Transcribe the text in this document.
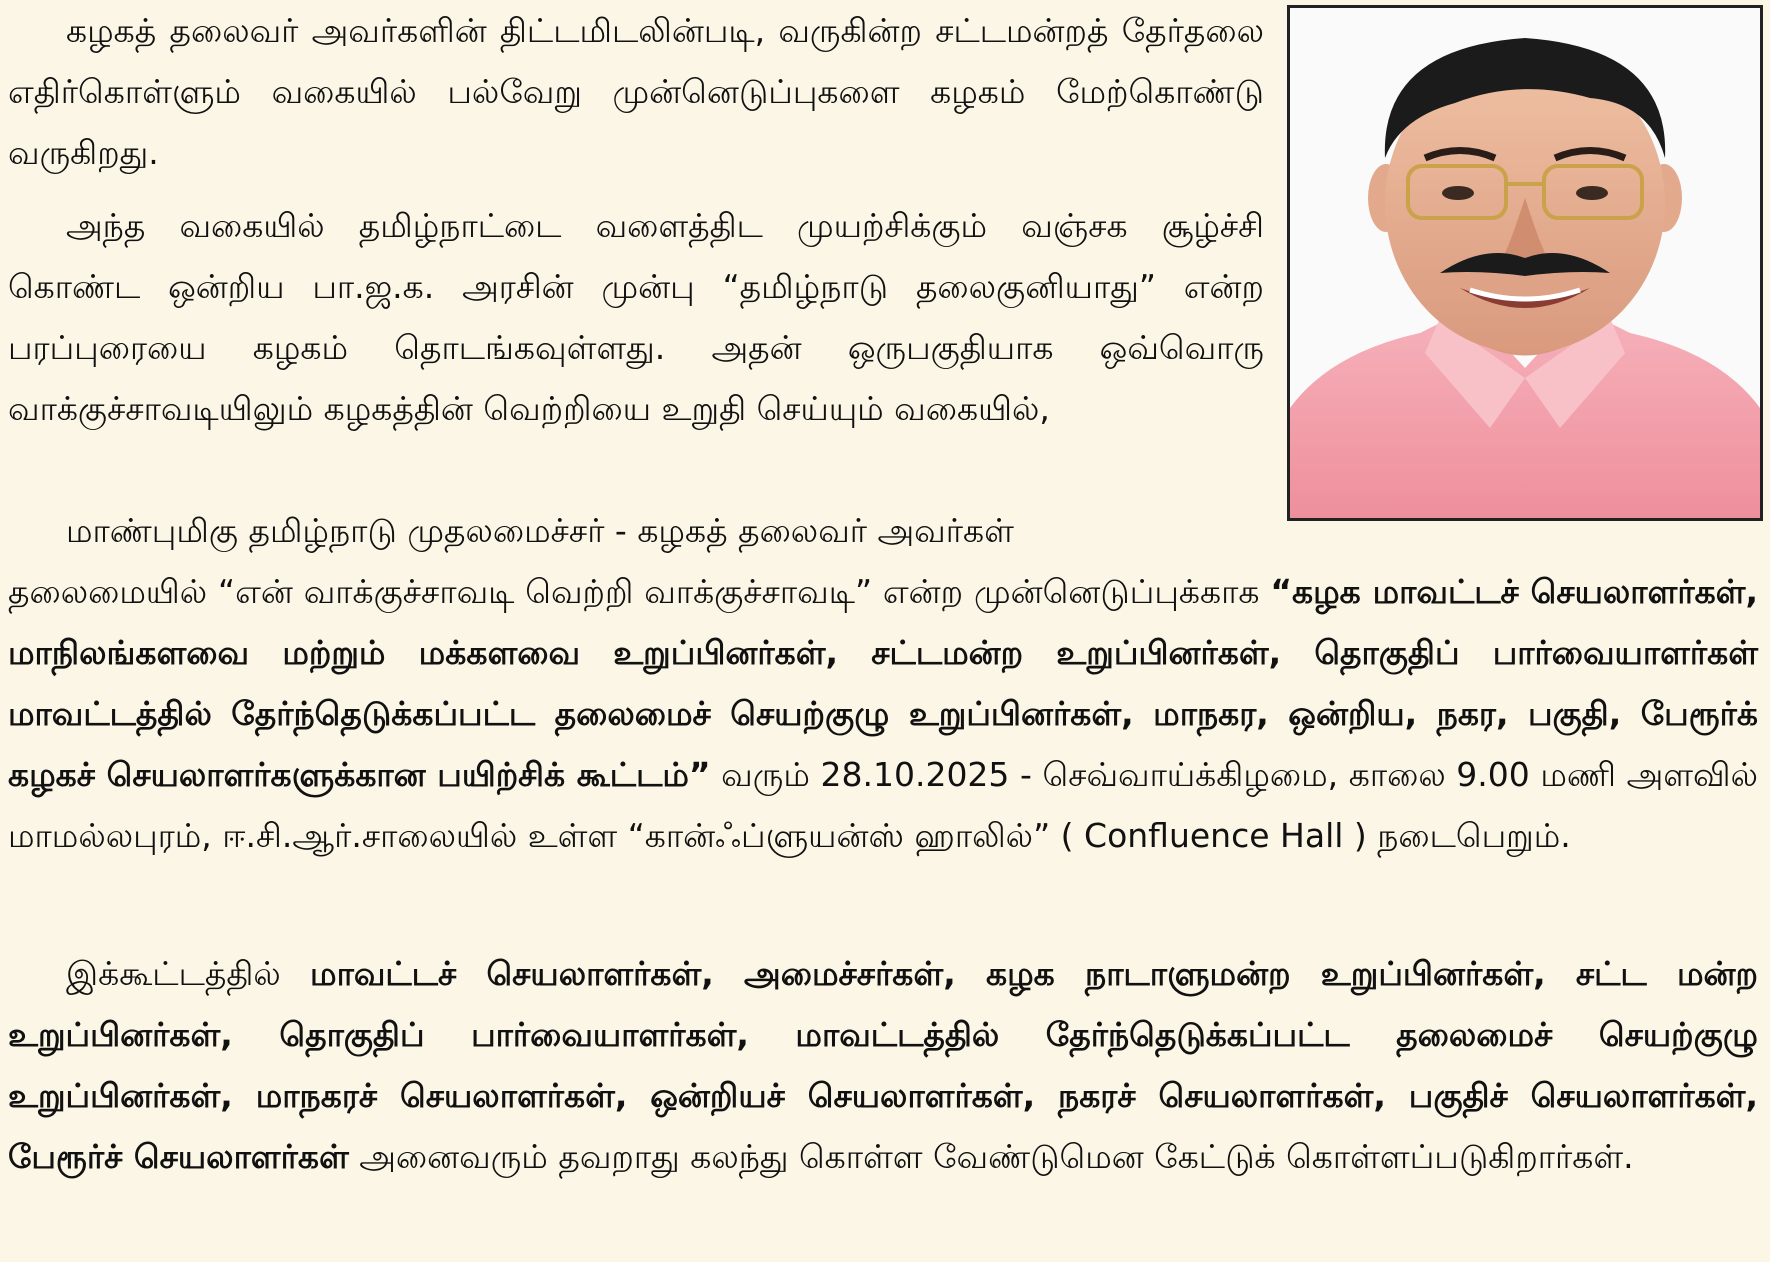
கழகத் தலைவர் அவர்களின் திட்டமிடலின்படி, வருகின்ற சட்டமன்றத் தேர்தலை எதிர்கொள்ளும் வகையில் பல்வேறு முன்னெடுப்புகளை கழகம் மேற்கொண்டு வருகிறது.

அந்த வகையில் தமிழ்நாட்டை வளைத்திட முயற்சிக்கும் வஞ்சக சூழ்ச்சி கொண்ட ஒன்றிய பா.ஜ.க. அரசின் முன்பு “தமிழ்நாடு தலைகுனியாது” என்ற பரப்புரையை கழகம் தொடங்கவுள்ளது. அதன் ஒருபகுதியாக ஒவ்வொரு வாக்குச்சாவடியிலும் கழகத்தின் வெற்றியை உறுதி செய்யும் வகையில்,

மாண்புமிகு தமிழ்நாடு முதலமைச்சர் - கழகத் தலைவர் அவர்கள்
தலைமையில் “என் வாக்குச்சாவடி வெற்றி வாக்குச்சாவடி” என்ற முன்னெடுப்புக்காக “கழக மாவட்டச் செயலாளர்கள், மாநிலங்களவை மற்றும் மக்களவை உறுப்பினர்கள், சட்டமன்ற உறுப்பினர்கள், தொகுதிப் பார்வையாளர்கள் மாவட்டத்தில் தேர்ந்தெடுக்கப்பட்ட தலைமைச் செயற்குழு உறுப்பினர்கள், மாநகர, ஒன்றிய, நகர, பகுதி, பேரூர்க் கழகச் செயலாளர்களுக்கான பயிற்சிக் கூட்டம்” வரும் 28.10.2025 - செவ்வாய்க்கிழமை, காலை 9.00 மணி அளவில் மாமல்லபுரம், ஈ.சி.ஆர்.சாலையில் உள்ள “கான்ஃப்ளுயன்ஸ் ஹாலில்” ( Confluence Hall ) நடைபெறும்.

இக்கூட்டத்தில் மாவட்டச் செயலாளர்கள், அமைச்சர்கள், கழக நாடாளுமன்ற உறுப்பினர்கள், சட்ட மன்ற உறுப்பினர்கள், தொகுதிப் பார்வையாளர்கள், மாவட்டத்தில் தேர்ந்தெடுக்கப்பட்ட தலைமைச் செயற்குழு உறுப்பினர்கள், மாநகரச் செயலாளர்கள், ஒன்றியச் செயலாளர்கள், நகரச் செயலாளர்கள், பகுதிச் செயலாளர்கள், பேரூர்ச் செயலாளர்கள் அனைவரும் தவறாது கலந்து கொள்ள வேண்டுமென கேட்டுக் கொள்ளப்படுகிறார்கள்.
